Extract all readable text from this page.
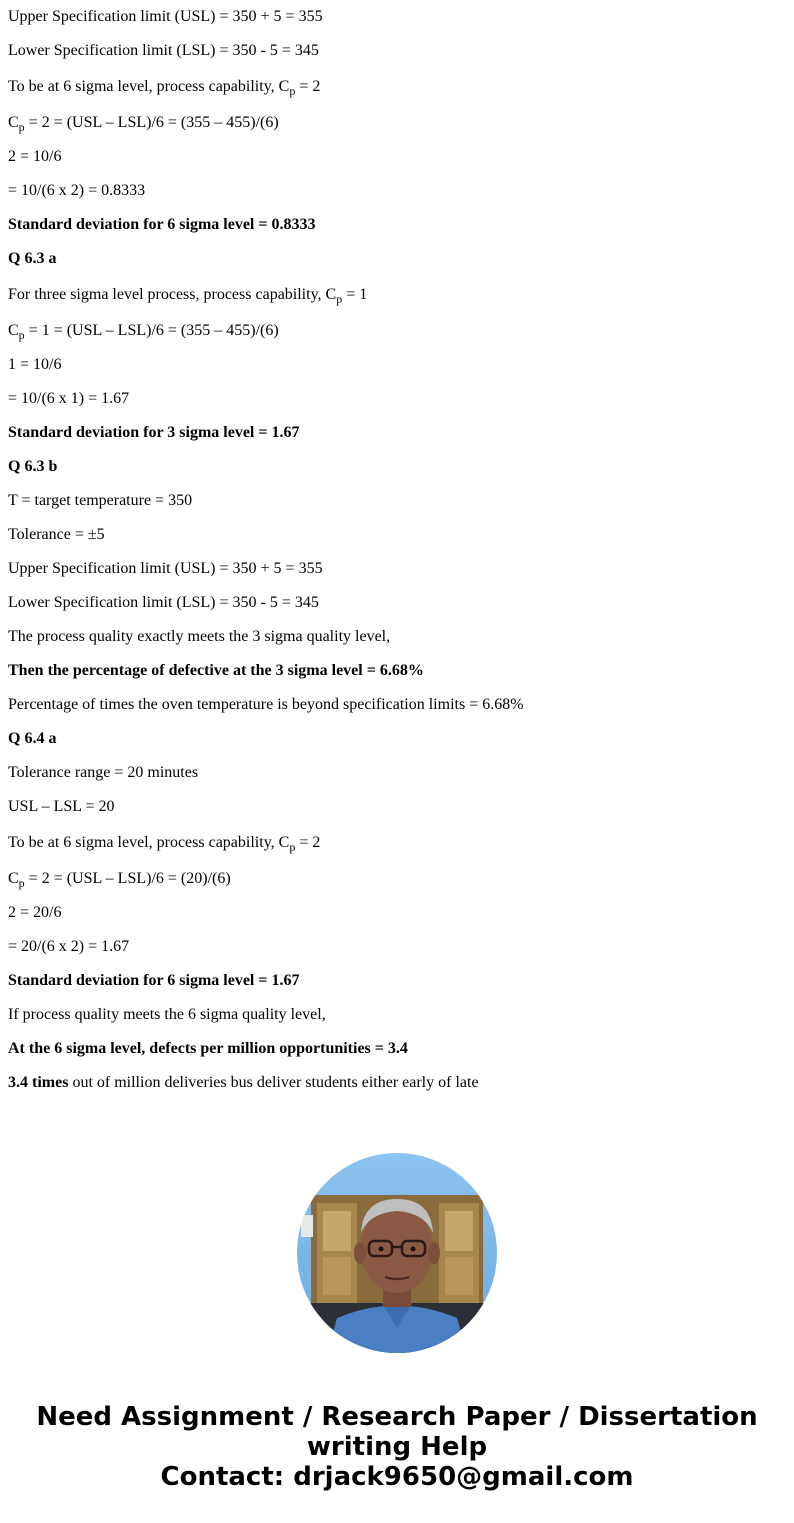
Upper Specification limit (USL) = 350 + 5 = 355
Lower Specification limit (LSL) = 350 - 5 = 345
To be at 6 sigma level, process capability, $C_p = 2$
$C_p = 2 = (USL - LSL)/6 = (355 - 455)/(6)$
2 = 10/6
= 10/(6 x 2) = 0.8333
Standard deviation for 6 sigma level = 0.8333
Q 6.3 a
For three sigma level process, process capability, $C_p = 1$
$C_p = 1 = (USL - LSL)/6 = (355 - 455)/(6)$
1 = 10/6
= 10/(6 x 1) = 1.67
Standard deviation for 3 sigma level = 1.67
Q 6.3 b
T = target temperature = 350
Tolerance = ±5
Upper Specification limit (USL) = 350 + 5 = 355
Lower Specification limit (LSL) = 350 - 5 = 345
The process quality exactly meets the 3 sigma quality level,
Then the percentage of defective at the 3 sigma level = 6.68%
Percentage of times the oven temperature is beyond specification limits = 6.68%
Q 6.4 a
Tolerance range = 20 minutes
USL – LSL = 20
To be at 6 sigma level, process capability, $C_p = 2$
$C_p = 2 = (USL - LSL)/6 = (20)/(6)$
2 = 20/6
= 20/(6 x 2) = 1.67
Standard deviation for 6 sigma level = 1.67
If process quality meets the 6 sigma quality level,
At the 6 sigma level, defects per million opportunities = 3.4
3.4 times out of million deliveries bus deliver students either early of late
Need Assignment / Research Paper / Dissertation
writing Help
Contact: drjack9650@gmail.com
